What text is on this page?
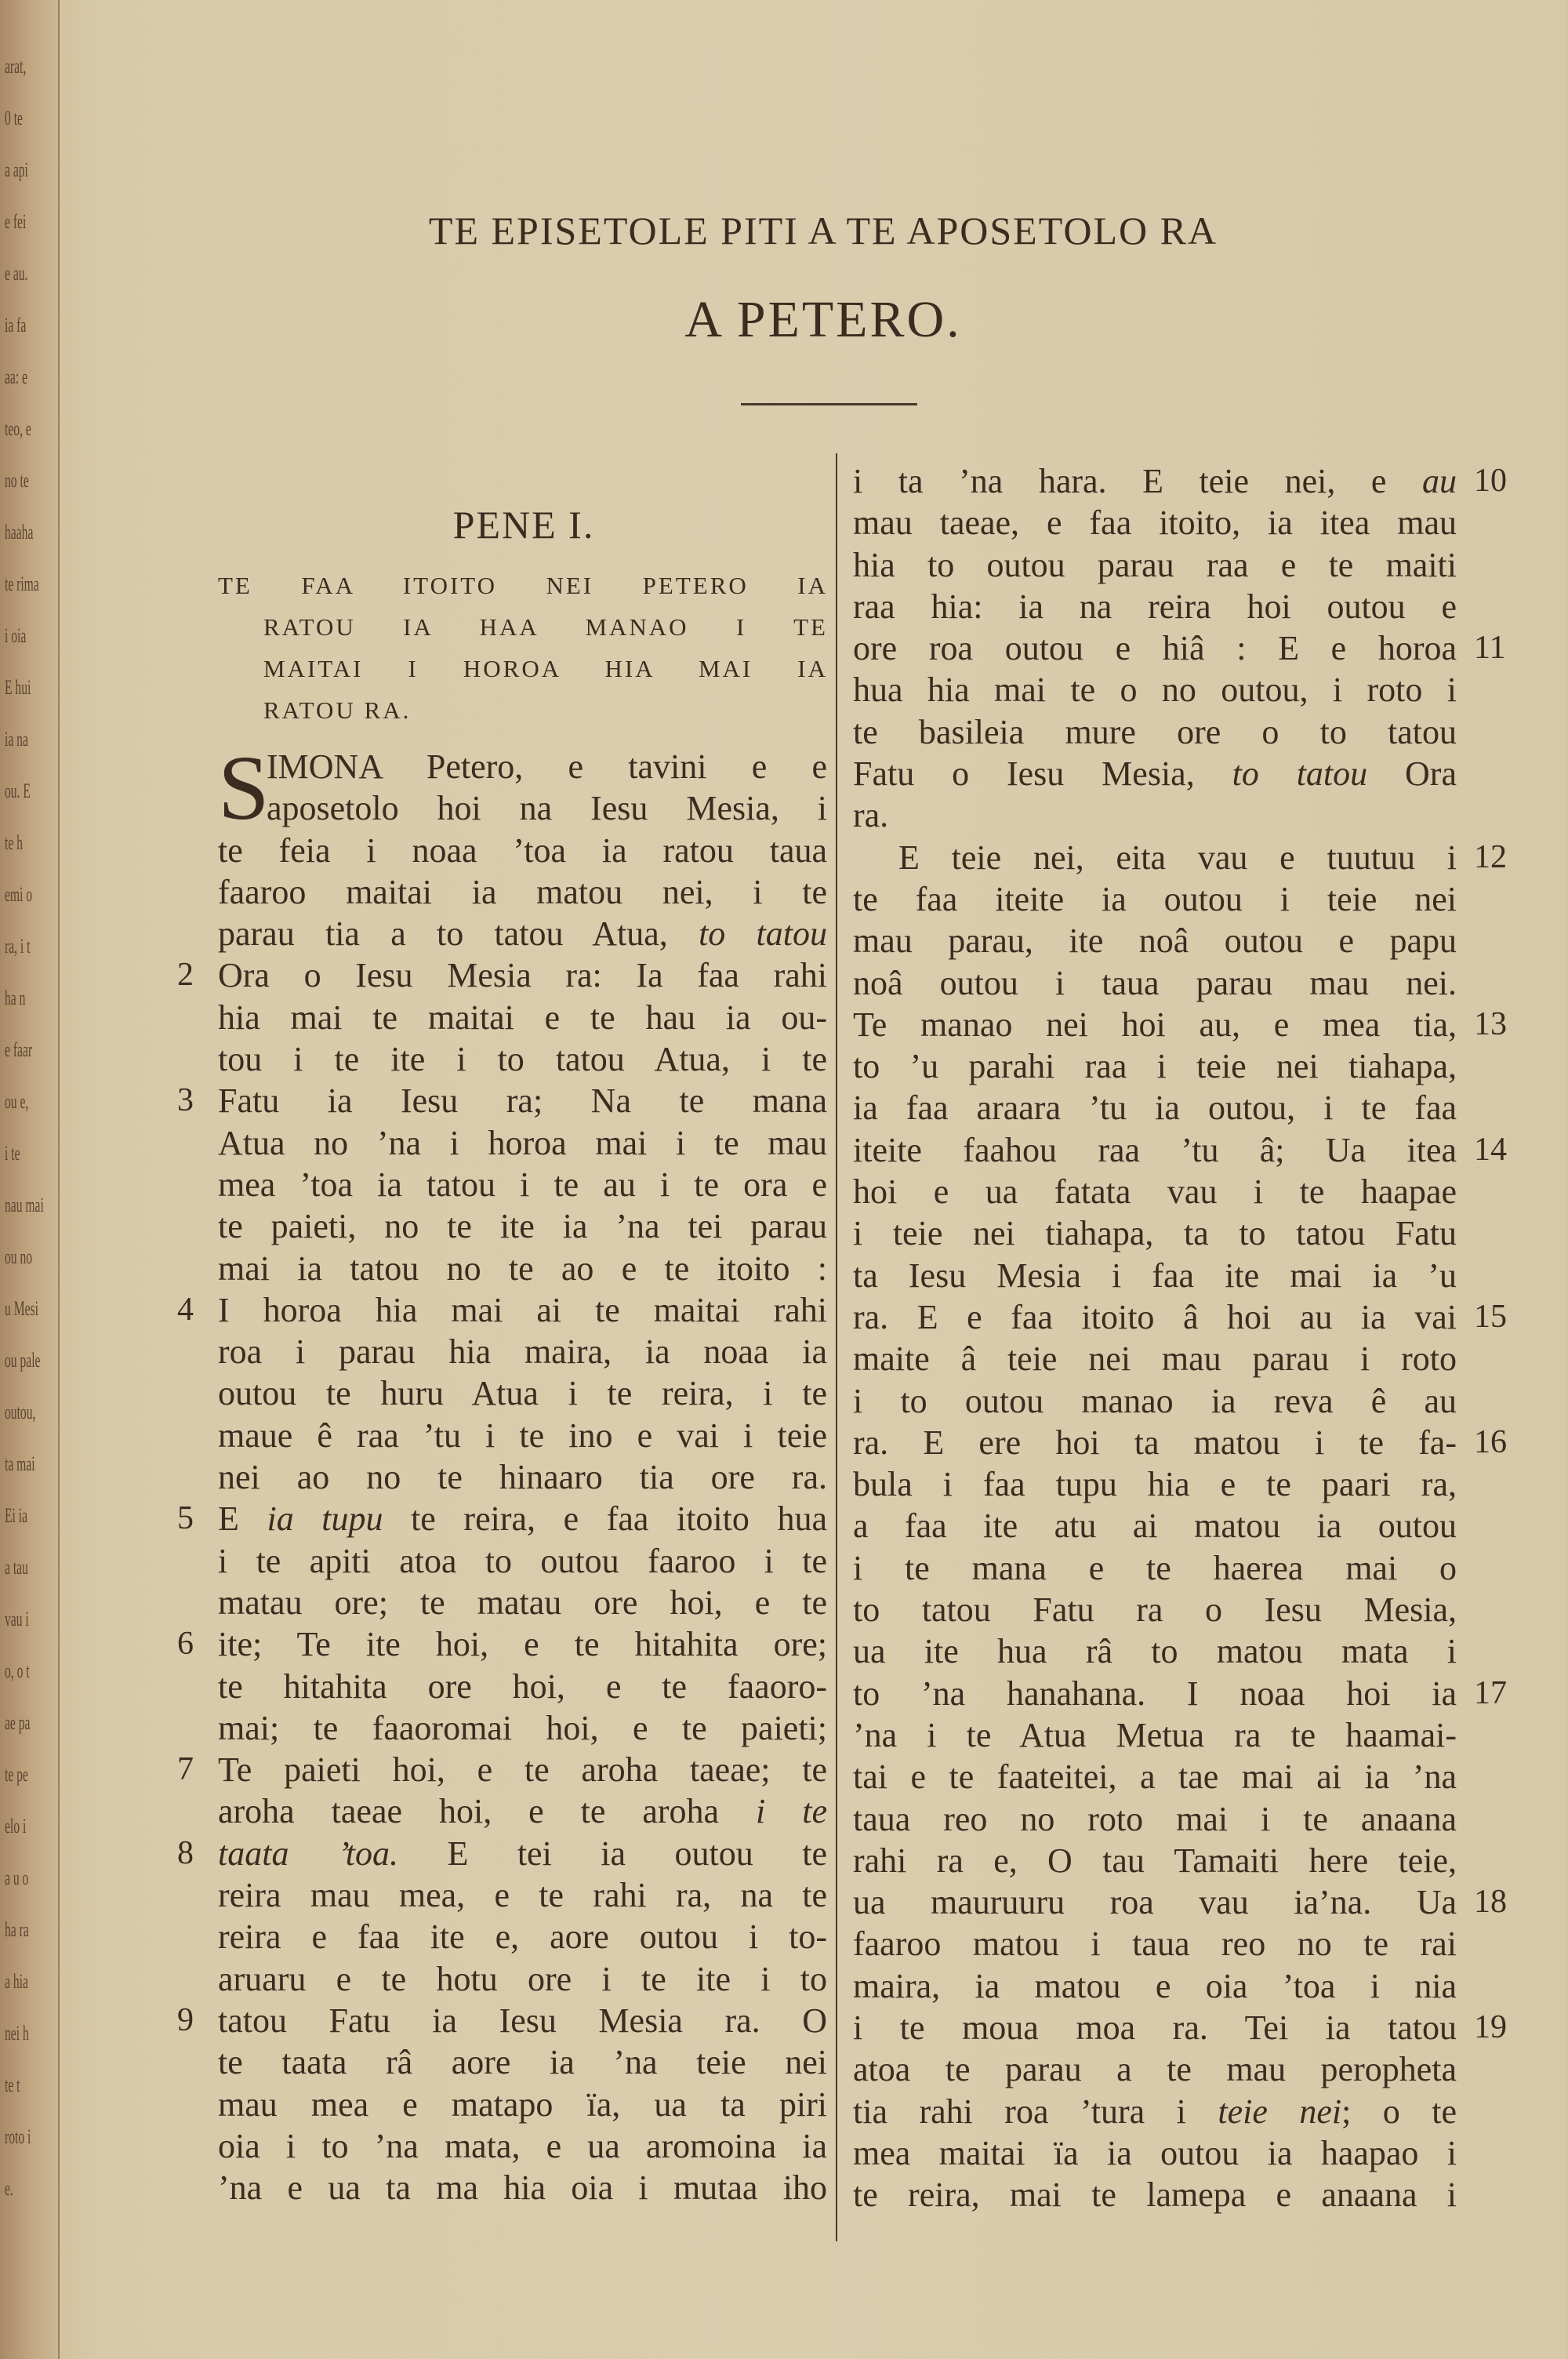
arat,
0 te
a api
e fei
e au.
ia fa
aa: e
teo, e
no te
haaha
te rima
i oia
E hui
ia na
ou. E
te h
emi o
ra, i t
ha n
e faar
ou e,
i te
nau mai
ou no
u Mesi
ou pale
outou,
ta mai
Ei ia
a tau
vau i
o, o t
ae pa
te pe
elo i
a u o
ha ra
a hia
nei h
te t
roto i
e.
TE EPISETOLE PITI A TE APOSETOLO RA
A PETERO.
PENE I.
TE FAA ITOITO NEI PETERO IA
RATOU IA HAA MANAO I TE
MAITAI I HOROA HIA MAI IA
RATOU RA.
S
IMONA Petero, e tavini e e
aposetolo hoi na Iesu Mesia, i
te feia i noaa ’toa ia ratou taua
faaroo maitai ia matou nei, i te
parau tia a to tatou Atua, to tatou
Ora o Iesu Mesia ra: Ia faa rahi
2
hia mai te maitai e te hau ia ou-
tou i te ite i to tatou Atua, i te
Fatu ia Iesu ra; Na te mana
3
Atua no ’na i horoa mai i te mau
mea ’toa ia tatou i te au i te ora e
te paieti, no te ite ia ’na tei parau
mai ia tatou no te ao e te itoito :
I horoa hia mai ai te maitai rahi
4
roa i parau hia maira, ia noaa ia
outou te huru Atua i te reira, i te
maue ê raa ’tu i te ino e vai i teie
nei ao no te hinaaro tia ore ra.
E ia tupu te reira, e faa itoito hua
5
i te apiti atoa to outou faaroo i te
matau ore; te matau ore hoi, e te
ite; Te ite hoi, e te hitahita ore;
6
te hitahita ore hoi, e te faaoro-
mai; te faaoromai hoi, e te paieti;
Te paieti hoi, e te aroha taeae; te
7
aroha taeae hoi, e te aroha i te
taata ’toa. E tei ia outou te
8
reira mau mea, e te rahi ra, na te
reira e faa ite e, aore outou i to-
aruaru e te hotu ore i te ite i to
tatou Fatu ia Iesu Mesia ra. O
9
te taata râ aore ia ’na teie nei
mau mea e matapo ïa, ua ta piri
oia i to ’na mata, e ua aromoina ia
’na e ua ta ma hia oia i mutaa iho
i ta ’na hara. E teie nei, e au 10
mau taeae, e faa itoito, ia itea mau
hia to outou parau raa e te maiti
raa hia: ia na reira hoi outou e
ore roa outou e hiâ : E e horoa 11
hua hia mai te o no outou, i roto i
te basileia mure ore o to tatou
Fatu o Iesu Mesia, to tatou Ora
ra.
E teie nei, eita vau e tuutuu i 12
te faa iteite ia outou i teie nei
mau parau, ite noâ outou e papu
noâ outou i taua parau mau nei.
Te manao nei hoi au, e mea tia, 13
to ’u parahi raa i teie nei tiahapa,
ia faa araara ’tu ia outou, i te faa
iteite faahou raa ’tu â; Ua itea 14
hoi e ua fatata vau i te haapae
i teie nei tiahapa, ta to tatou Fatu
ta Iesu Mesia i faa ite mai ia ’u
ra. E e faa itoito â hoi au ia vai 15
maite â teie nei mau parau i roto
i to outou manao ia reva ê au
ra. E ere hoi ta matou i te fa- 16
bula i faa tupu hia e te paari ra,
a faa ite atu ai matou ia outou
i te mana e te haerea mai o
to tatou Fatu ra o Iesu Mesia,
ua ite hua râ to matou mata i
to ’na hanahana. I noaa hoi ia 17
’na i te Atua Metua ra te haamai-
tai e te faateitei, a tae mai ai ia ’na
taua reo no roto mai i te anaana
rahi ra e, O tau Tamaiti here teie,
ua mauruuru roa vau ia’na. Ua 18
faaroo matou i taua reo no te rai
maira, ia matou e oia ’toa i nia
i te moua moa ra. Tei ia tatou 19
atoa te parau a te mau peropheta
tia rahi roa ’tura i teie nei; o te
mea maitai ïa ia outou ia haapao i
te reira, mai te lamepa e anaana i
